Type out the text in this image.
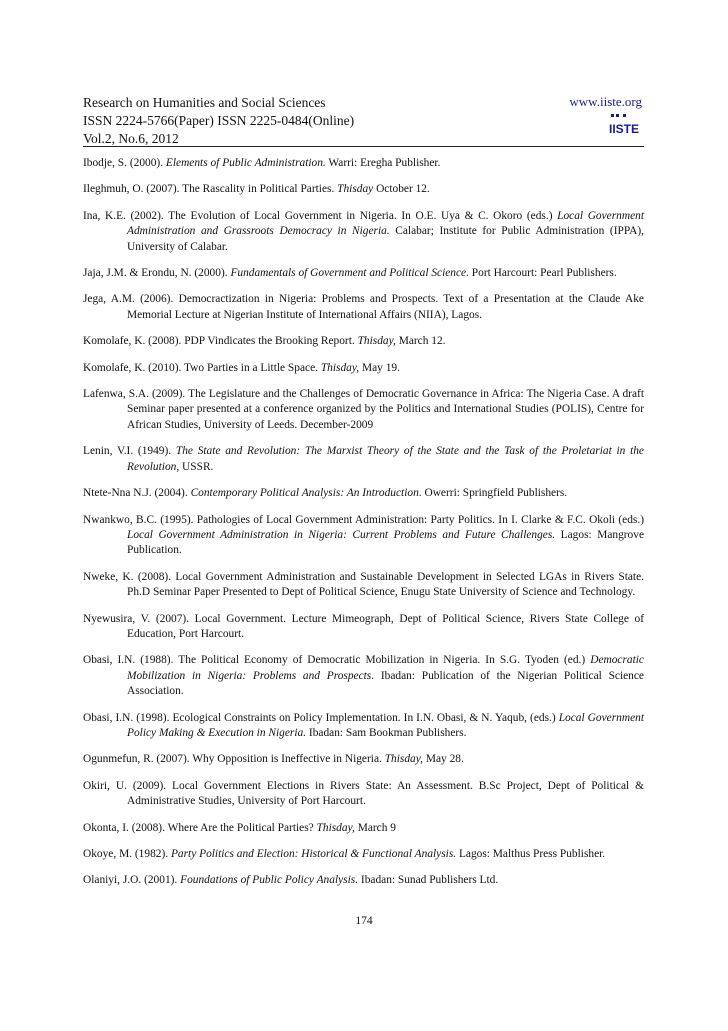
Research on Humanities and Social Sciences
ISSN 2224-5766(Paper) ISSN 2225-0484(Online)
Vol.2, No.6, 2012
www.iiste.org
IISTE

Ibodje, S. (2000). Elements of Public Administration. Warri: Eregha Publisher.

Ileghmuh, O. (2007). The Rascality in Political Parties. Thisday October 12.

Ina, K.E. (2002). The Evolution of Local Government in Nigeria. In O.E. Uya & C. Okoro (eds.) Local Government Administration and Grassroots Democracy in Nigeria. Calabar; Institute for Public Administration (IPPA), University of Calabar.

Jaja, J.M. & Erondu, N. (2000). Fundamentals of Government and Political Science. Port Harcourt: Pearl Publishers.

Jega, A.M. (2006). Democractization in Nigeria: Problems and Prospects. Text of a Presentation at the Claude Ake Memorial Lecture at Nigerian Institute of International Affairs (NIIA), Lagos.

Komolafe, K. (2008). PDP Vindicates the Brooking Report. Thisday, March 12.

Komolafe, K. (2010). Two Parties in a Little Space. Thisday, May 19.

Lafenwa, S.A. (2009). The Legislature and the Challenges of Democratic Governance in Africa: The Nigeria Case. A draft Seminar paper presented at a conference organized by the Politics and International Studies (POLIS), Centre for African Studies, University of Leeds. December-2009

Lenin, V.I. (1949). The State and Revolution: The Marxist Theory of the State and the Task of the Proletariat in the Revolution, USSR.

Ntete-Nna N.J. (2004). Contemporary Political Analysis: An Introduction. Owerri: Springfield Publishers.

Nwankwo, B.C. (1995). Pathologies of Local Government Administration: Party Politics. In I. Clarke & F.C. Okoli (eds.) Local Government Administration in Nigeria: Current Problems and Future Challenges. Lagos: Mangrove Publication.

Nweke, K. (2008). Local Government Administration and Sustainable Development in Selected LGAs in Rivers State. Ph.D Seminar Paper Presented to Dept of Political Science, Enugu State University of Science and Technology.

Nyewusira, V. (2007). Local Government. Lecture Mimeograph, Dept of Political Science, Rivers State College of Education, Port Harcourt.

Obasi, I.N. (1988). The Political Economy of Democratic Mobilization in Nigeria. In S.G. Tyoden (ed.) Democratic Mobilization in Nigeria: Problems and Prospects. Ibadan: Publication of the Nigerian Political Science Association.

Obasi, I.N. (1998). Ecological Constraints on Policy Implementation. In I.N. Obasi, & N. Yaqub, (eds.) Local Government Policy Making & Execution in Nigeria. Ibadan: Sam Bookman Publishers.

Ogunmefun, R. (2007). Why Opposition is Ineffective in Nigeria. Thisday, May 28.

Okiri, U. (2009). Local Government Elections in Rivers State: An Assessment. B.Sc Project, Dept of Political & Administrative Studies, University of Port Harcourt.

Okonta, I. (2008). Where Are the Political Parties? Thisday, March 9

Okoye, M. (1982). Party Politics and Election: Historical & Functional Analysis. Lagos: Malthus Press Publisher.

Olaniyi, J.O. (2001). Foundations of Public Policy Analysis. Ibadan: Sunad Publishers Ltd.

174
